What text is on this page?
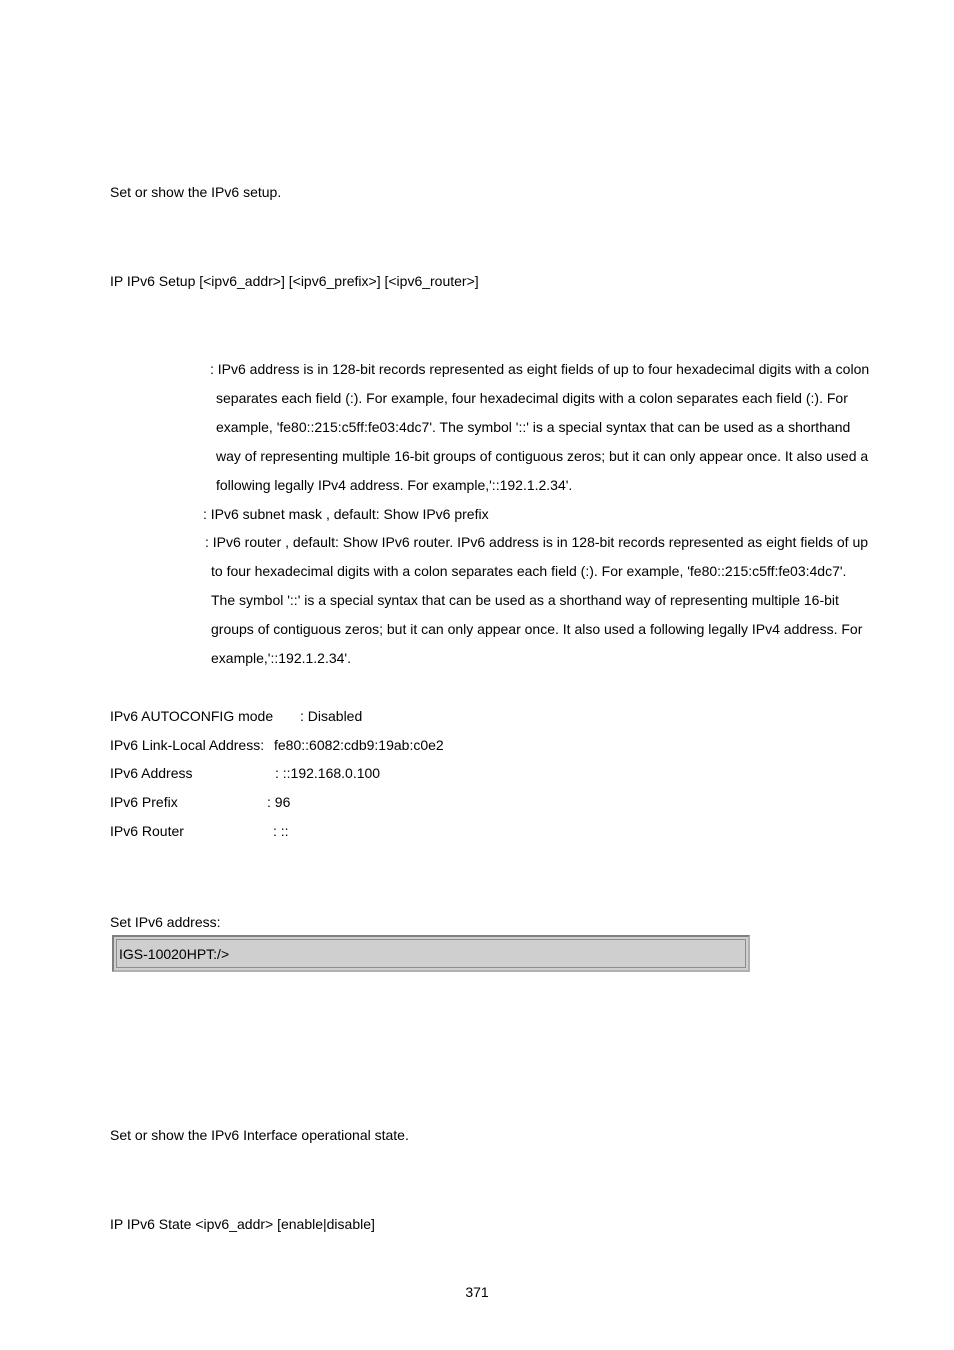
Set or show the IPv6 setup.
IP IPv6 Setup [<ipv6_addr>] [<ipv6_prefix>] [<ipv6_router>]
: IPv6 address is in 128-bit records represented as eight fields of up to four hexadecimal digits with a colon
separates each field (:). For example, four hexadecimal digits with a colon separates each field (:). For
example, 'fe80::215:c5ff:fe03:4dc7'. The symbol '::' is a special syntax that can be used as a shorthand
way of representing multiple 16-bit groups of contiguous zeros; but it can only appear once. It also used a
following legally IPv4 address. For example,'::192.1.2.34'.
: IPv6 subnet mask , default: Show IPv6 prefix
: IPv6 router , default: Show IPv6 router. IPv6 address is in 128-bit records represented as eight fields of up
to four hexadecimal digits with a colon separates each field (:). For example, 'fe80::215:c5ff:fe03:4dc7'.
The symbol '::' is a special syntax that can be used as a shorthand way of representing multiple 16-bit
groups of contiguous zeros; but it can only appear once. It also used a following legally IPv4 address. For
example,'::192.1.2.34'.
IPv6 AUTOCONFIG mode : Disabled
IPv6 Link-Local Address: fe80::6082:cdb9:19ab:c0e2
IPv6 Address	: ::192.168.0.100
IPv6 Prefix	: 96
IPv6 Router	: ::
Set IPv6 address:
IGS-10020HPT:/>
Set or show the IPv6 Interface operational state.
IP IPv6 State <ipv6_addr> [enable|disable]
371
